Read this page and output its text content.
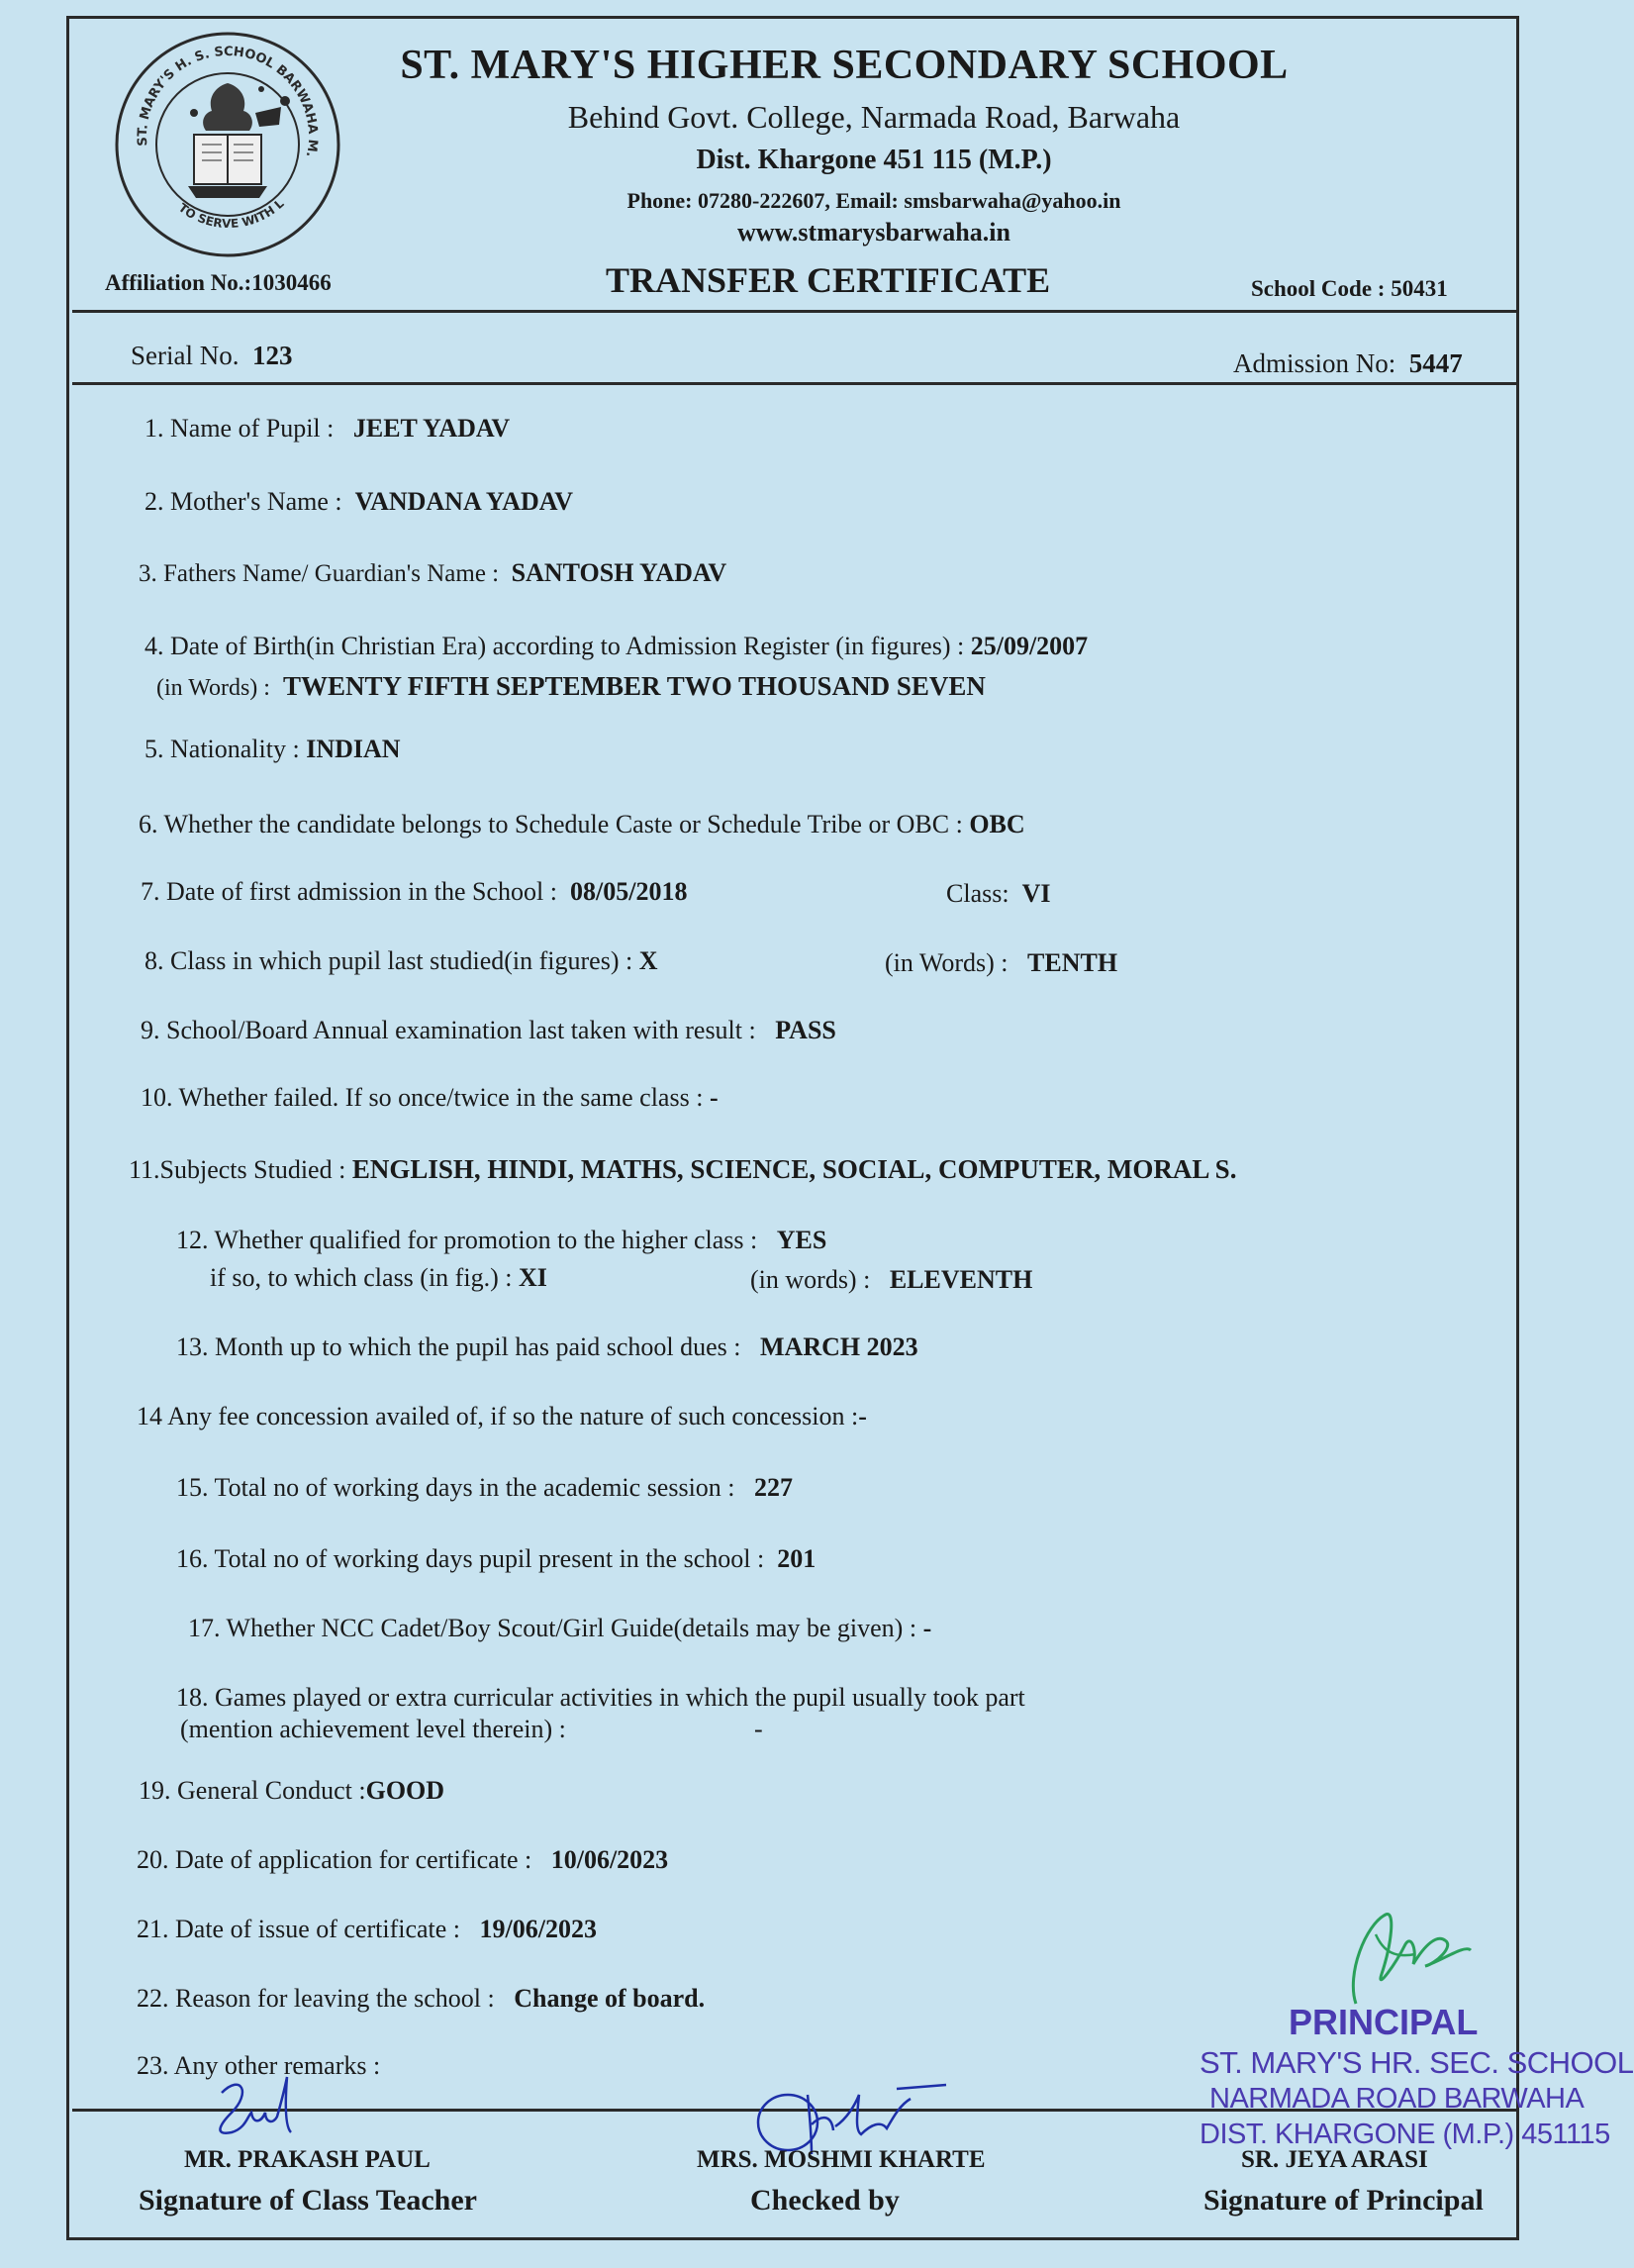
ST. MARY'S H. S. SCHOOL BARWAHA M.
TO SERVE WITH L
ST. MARY'S HIGHER SECONDARY SCHOOL
Behind Govt. College, Narmada Road, Barwaha
Dist. Khargone 451 115 (M.P.)
Phone: 07280-222607, Email: smsbarwaha@yahoo.in
www.stmarysbarwaha.in
Affiliation No.:1030466	TRANSFER CERTIFICATE	School Code : 50431
Serial No. 123	Admission No: 5447
1. Name of Pupil : JEET YADAV
2. Mother's Name : VANDANA YADAV
3. Fathers Name/ Guardian's Name : SANTOSH YADAV
4. Date of Birth(in Christian Era) according to Admission Register (in figures) : 25/09/2007
(in Words) : TWENTY FIFTH SEPTEMBER TWO THOUSAND SEVEN
5. Nationality : INDIAN
6. Whether the candidate belongs to Schedule Caste or Schedule Tribe or OBC : OBC
7. Date of first admission in the School : 08/05/2018	Class: VI
8. Class in which pupil last studied(in figures) : X	(in Words) : TENTH
9. School/Board Annual examination last taken with result : PASS
10. Whether failed. If so once/twice in the same class : -
11.Subjects Studied : ENGLISH, HINDI, MATHS, SCIENCE, SOCIAL, COMPUTER, MORAL S.
12. Whether qualified for promotion to the higher class : YES
if so, to which class (in fig.) : XI	(in words) : ELEVENTH
13. Month up to which the pupil has paid school dues : MARCH 2023
14 Any fee concession availed of, if so the nature of such concession :-
15. Total no of working days in the academic session : 227
16. Total no of working days pupil present in the school : 201
17. Whether NCC Cadet/Boy Scout/Girl Guide(details may be given) : -
18. Games played or extra curricular activities in which the pupil usually took part
(mention achievement level therein) :	-
19. General Conduct :GOOD
20. Date of application for certificate : 10/06/2023
21. Date of issue of certificate : 19/06/2023
22. Reason for leaving the school : Change of board.
23. Any other remarks :
PRINCIPAL
ST. MARY'S HR. SEC. SCHOOL
NARMADA ROAD BARWAHA
DIST. KHARGONE (M.P.) 451115
MR. PRAKASH PAUL
Signature of Class Teacher
MRS. MOSHMI KHARTE
Checked by
SR. JEYA ARASI
Signature of Principal
